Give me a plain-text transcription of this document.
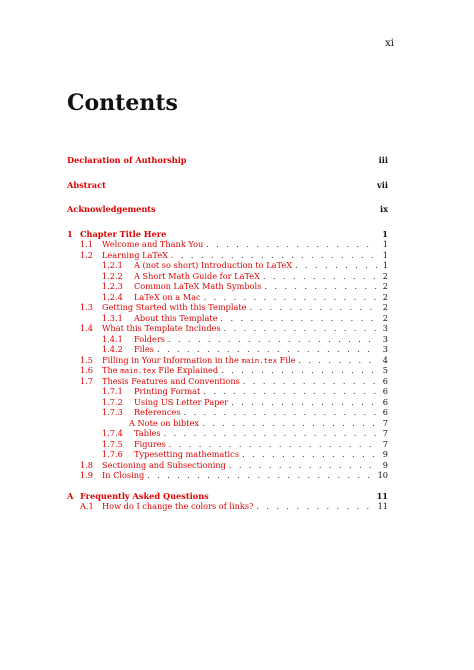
xi
Contents
Declaration of Authorship	iii
Abstract	vii
Acknowledgements	ix
1 Chapter Title Here	1
1.1	Welcome and Thank You . . .	1
1.2	Learning LaTeX . . .	1
1.2.1	A (not so short) Introduction to LaTeX . . .	1
1.2.2	A Short Math Guide for LaTeX . . .	2
1.2.3	Common LaTeX Math Symbols . . .	2
1.2.4	LaTeX on a Mac . . .	2
1.3	Getting Started with this Template . . .	2
1.3.1	About this Template . . .	2
1.4	What this Template Includes . . .	3
1.4.1	Folders . . .	3
1.4.2	Files . . .	3
1.5	Filling in Your Information in the main.tex File . . .	4
1.6	The main.tex File Explained . . .	5
1.7	Thesis Features and Conventions . . .	6
1.7.1	Printing Format . . .	6
1.7.2	Using US Letter Paper . . .	6
1.7.3	References . . .	6
A Note on bibtex . . .	7
1.7.4	Tables . . .	7
1.7.5	Figures . . .	7
1.7.6	Typesetting mathematics . . .	9
1.8	Sectioning and Subsectioning . . .	9
1.9	In Closing . . .	10
A Frequently Asked Questions	11
A.1	How do I change the colors of links? . . .	11
